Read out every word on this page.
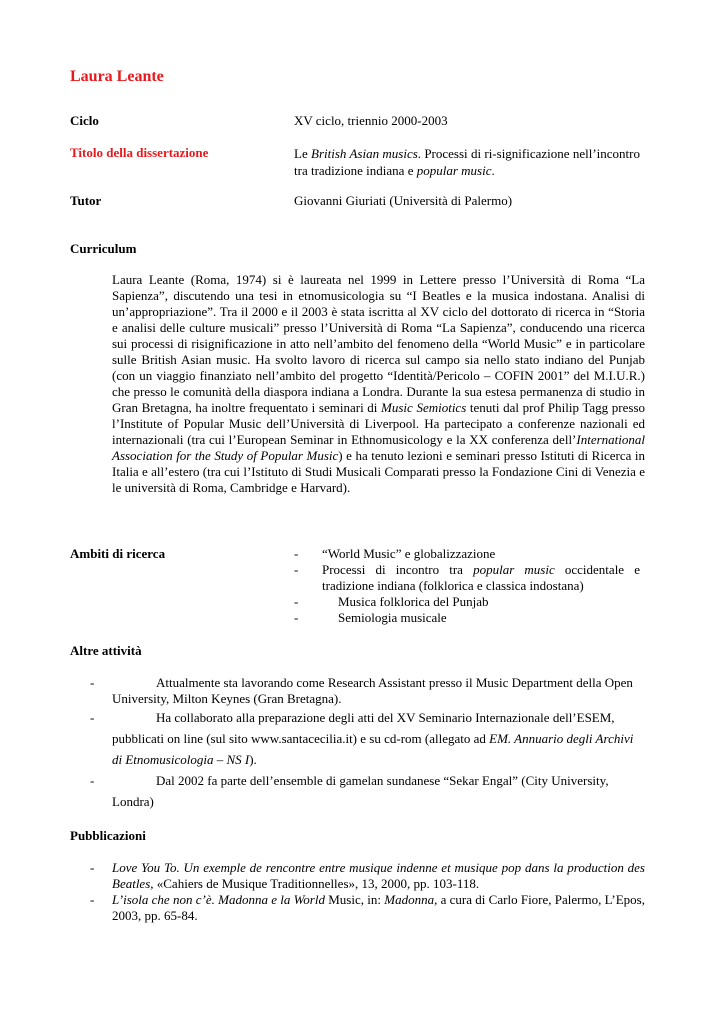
Laura Leante
Ciclo	XV ciclo, triennio 2000-2003
Titolo della dissertazione	Le British Asian musics. Processi di ri-significazione nell’incontro tra tradizione indiana e popular music.
Tutor	Giovanni Giuriati (Università di Palermo)
Curriculum
Laura Leante (Roma, 1974) si è laureata nel 1999 in Lettere presso l’Università di Roma “La Sapienza”, discutendo una tesi in etnomusicologia su “I Beatles e la musica indostana. Analisi di un’appropriazione”. Tra il 2000 e il 2003 è stata iscritta al XV ciclo del dottorato di ricerca in “Storia e analisi delle culture musicali” presso l’Università di Roma “La Sapienza”, conducendo una ricerca sui processi di risignificazione in atto nell’ambito del fenomeno della “World Music” e in particolare sulle British Asian music. Ha svolto lavoro di ricerca sul campo sia nello stato indiano del Punjab (con un viaggio finanziato nell’ambito del progetto “Identità/Pericolo – COFIN 2001” del M.I.U.R.) che presso le comunità della diaspora indiana a Londra. Durante la sua estesa permanenza di studio in Gran Bretagna, ha inoltre frequentato i seminari di Music Semiotics tenuti dal prof Philip Tagg presso l’Institute of Popular Music dell’Università di Liverpool. Ha partecipato a conferenze nazionali ed internazionali (tra cui l’European Seminar in Ethnomusicology e la XX conferenza dell’International Association for the Study of Popular Music) e ha tenuto lezioni e seminari presso Istituti di Ricerca in Italia e all’estero (tra cui l’Istituto di Studi Musicali Comparati presso la Fondazione Cini di Venezia e le università di Roma, Cambridge e Harvard).
Ambiti di ricerca	- “World Music” e globalizzazione
- Processi di incontro tra popular music occidentale e tradizione indiana (folklorica e classica indostana)
-	Musica folklorica del Punjab
-	Semiologia musicale
Altre attività
-	Attualmente sta lavorando come Research Assistant presso il Music Department della Open University, Milton Keynes (Gran Bretagna).
-	Ha collaborato alla preparazione degli atti del XV Seminario Internazionale dell’ESEM, pubblicati on line (sul sito www.santacecilia.it) e su cd-rom (allegato ad EM. Annuario degli Archivi di Etnomusicologia – NS I).
-	Dal 2002 fa parte dell’ensemble di gamelan sundanese “Sekar Engal” (City University, Londra)
Pubblicazioni
- Love You To. Un exemple de rencontre entre musique indenne et musique pop dans la production des Beatles, «Cahiers de Musique Traditionnelles», 13, 2000, pp. 103-118.
- L’isola che non c’è. Madonna e la World Music, in: Madonna, a cura di Carlo Fiore, Palermo, L’Epos, 2003, pp. 65-84.
